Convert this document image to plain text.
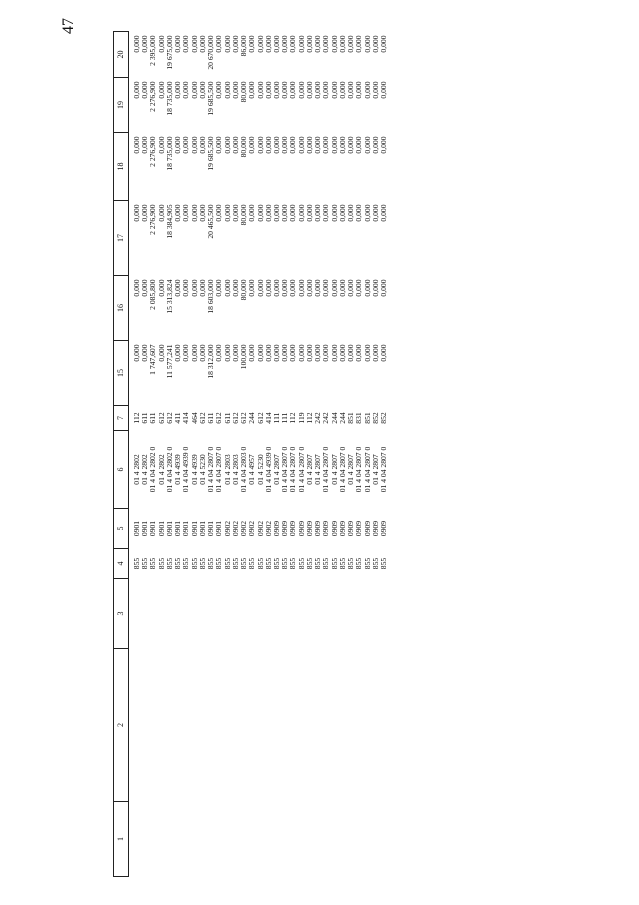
47
1	2	3	4	5	6	7	15	16	17	18	19	20
			855	0901	01 4 2802	112	0,000	0,000	0,000	0,000	0,000	0,000
			855	0901	01 4 2802	611	0,000	0,000	0,000	0,000	0,000	0,000
			855	0901	01 4 04 2802 0	611	1 747,607	2 085,800	2 276,900	2 276,900	2 276,900	2 395,000
			855	0901	01 4 2802	612	0,000	0,000	0,000	0,000	0,000	0,000
			855	0901	01 4 04 2802 0	612	11 577,241	15 313,824	18 384,905	18 735,000	18 735,000	19 675,000
			855	0901	01 4 4939	411	0,000	0,000	0,000	0,000	0,000	0,000
			855	0901	01 4 04 4939 0	414	0,000	0,000	0,000	0,000	0,000	0,000
			855	0901	01 4 4939	464	0,000	0,000	0,000	0,000	0,000	0,000
			855	0901	01 4 5230	612	0,000	0,000	0,000	0,000	0,000	0,000
			855	0901	01 4 04 2807 0	611	18 312,000	18 603,000	20 465,500	19 685,500	19 685,500	20 670,000
			855	0901	01 4 04 2807 0	612	0,000	0,000	0,000	0,000	0,000	0,000
			855	0902	01 4 2803	611	0,000	0,000	0,000	0,000	0,000	0,000
			855	0902	01 4 2803	612	0,000	0,000	0,000	0,000	0,000	0,000
			855	0902	01 4 04 2803 0	612	100,000	80,000	80,000	80,000	80,000	86,000
			855	0902	01 4 4957	244	0,000	0,000	0,000	0,000	0,000	0,000
			855	0902	01 4 5230	612	0,000	0,000	0,000	0,000	0,000	0,000
			855	0902	01 4 04 4939 0	414	0,000	0,000	0,000	0,000	0,000	0,000
			855	0909	01 4 2807	111	0,000	0,000	0,000	0,000	0,000	0,000
			855	0909	01 4 04 2807 0	111	0,000	0,000	0,000	0,000	0,000	0,000
			855	0909	01 4 04 2807 0	112	0,000	0,000	0,000	0,000	0,000	0,000
			855	0909	01 4 04 2807 0	119	0,000	0,000	0,000	0,000	0,000	0,000
			855	0909	01 4 2807	112	0,000	0,000	0,000	0,000	0,000	0,000
			855	0909	01 4 2807	242	0,000	0,000	0,000	0,000	0,000	0,000
			855	0909	01 4 04 2807 0	242	0,000	0,000	0,000	0,000	0,000	0,000
			855	0909	01 4 2807	244	0,000	0,000	0,000	0,000	0,000	0,000
			855	0909	01 4 04 2807 0	244	0,000	0,000	0,000	0,000	0,000	0,000
			855	0909	01 4 2807	851	0,000	0,000	0,000	0,000	0,000	0,000
			855	0909	01 4 04 2807 0	831	0,000	0,000	0,000	0,000	0,000	0,000
			855	0909	01 4 04 2807 0	851	0,000	0,000	0,000	0,000	0,000	0,000
			855	0909	01 4 2807	852	0,000	0,000	0,000	0,000	0,000	0,000
			855	0909	01 4 04 2807 0	852	0,000	0,000	0,000	0,000	0,000	0,000
